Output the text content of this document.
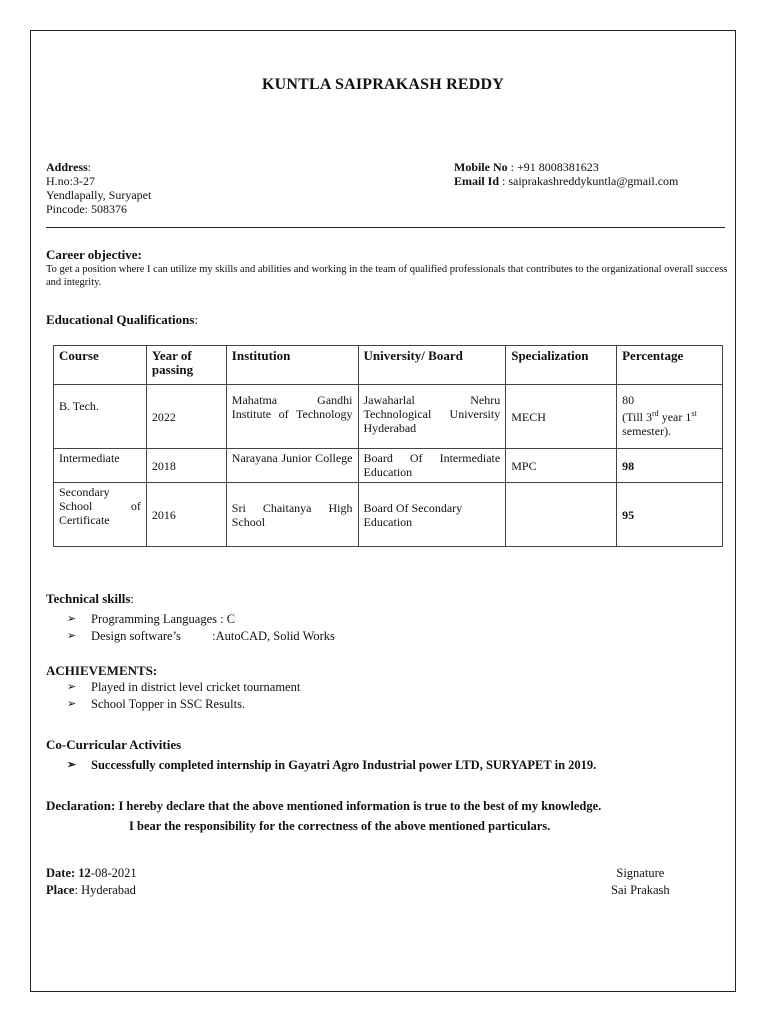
KUNTLA SAIPRAKASH REDDY
Address:
H.no:3-27
Yendlapally, Suryapet
Pincode: 508376
Mobile No : +91 8008381623
Email Id : saiprakashreddykuntla@gmail.com
Career objective:
To get a position where I can utilize my skills and abilities and working in the team of qualified professionals that contributes to the organizational overall success and integrity.
Educational Qualifications:
Course	Year of passing	Institution	University/ Board	Specialization	Percentage
B. Tech.	2022	Mahatma Gandhi Institute of Technology	Jawaharlal Nehru Technological University Hyderabad	MECH	80
(Till 3rd year 1st semester).

Intermediate	2018	Narayana Junior College	Board Of Intermediate Education	MPC	98
Secondary School of Certificate	2016	Sri Chaitanya High School	Board Of Secondary Education		95
Technical skills:
➢ Programming Languages : C
➢ Design software’s          :AutoCAD, Solid Works
ACHIEVEMENTS:
➢ Played in district level cricket tournament
➢ School Topper in SSC Results.
Co-Curricular Activities
➢ Successfully completed internship in Gayatri Agro Industrial power LTD, SURYAPET in 2019.
Declaration: I hereby declare that the above mentioned information is true to the best of my knowledge.
I bear the responsibility for the correctness of the above mentioned particulars.
Date: 12-08-2021
Place: Hyderabad
Signature
Sai Prakash
